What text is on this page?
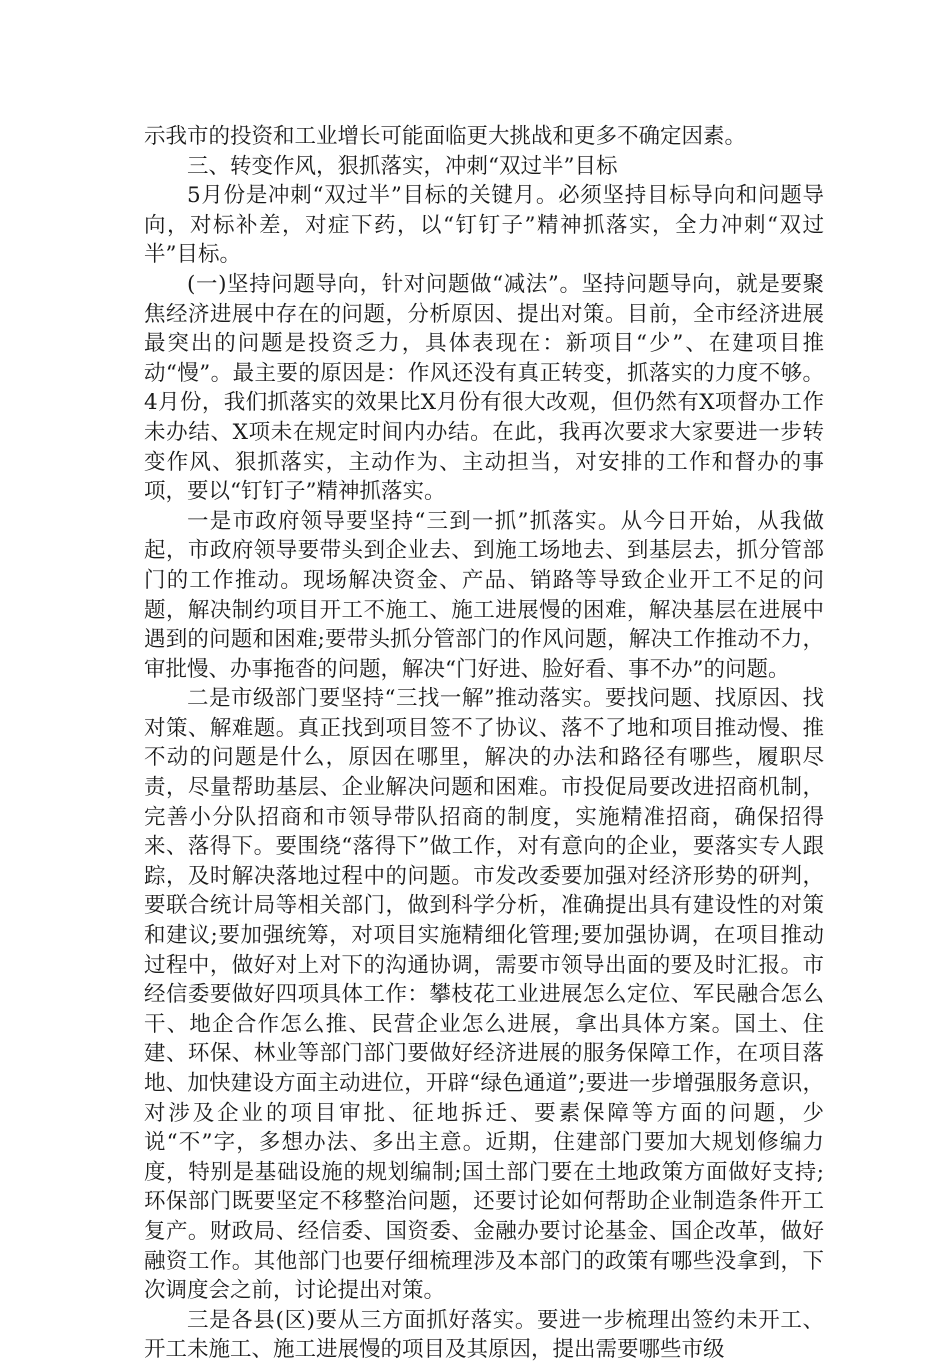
示我市的投资和工业增长可能面临更大挑战和更多不确定因素。

三、转变作风，狠抓落实，冲刺“双过半”目标

5月份是冲刺“双过半”目标的关键月。必须坚持目标导向和问题导向，对标补差，对症下药，以“钉钉子”精神抓落实，全力冲刺“双过半”目标。

(一)坚持问题导向，针对问题做“减法”。坚持问题导向，就是要聚焦经济进展中存在的问题，分析原因、提出对策。目前，全市经济进展最突出的问题是投资乏力，具体表现在：新项目“少”、在建项目推动“慢”。最主要的原因是：作风还没有真正转变，抓落实的力度不够。4月份，我们抓落实的效果比X月份有很大改观，但仍然有X项督办工作未办结、X项未在规定时间内办结。在此，我再次要求大家要进一步转变作风、狠抓落实，主动作为、主动担当，对安排的工作和督办的事项，要以“钉钉子”精神抓落实。

一是市政府领导要坚持“三到一抓”抓落实。从今日开始，从我做起，市政府领导要带头到企业去、到施工场地去、到基层去，抓分管部门的工作推动。现场解决资金、产品、销路等导致企业开工不足的问题，解决制约项目开工不施工、施工进展慢的困难，解决基层在进展中遇到的问题和困难;要带头抓分管部门的作风问题，解决工作推动不力，审批慢、办事拖沓的问题，解决“门好进、脸好看、事不办”的问题。

二是市级部门要坚持“三找一解”推动落实。要找问题、找原因、找对策、解难题。真正找到项目签不了协议、落不了地和项目推动慢、推不动的问题是什么，原因在哪里，解决的办法和路径有哪些，履职尽责，尽量帮助基层、企业解决问题和困难。市投促局要改进招商机制，完善小分队招商和市领导带队招商的制度，实施精准招商，确保招得来、落得下。要围绕“落得下”做工作，对有意向的企业，要落实专人跟踪，及时解决落地过程中的问题。市发改委要加强对经济形势的研判，要联合统计局等相关部门，做到科学分析，准确提出具有建设性的对策和建议;要加强统筹，对项目实施精细化管理;要加强协调，在项目推动过程中，做好对上对下的沟通协调，需要市领导出面的要及时汇报。市经信委要做好四项具体工作：攀枝花工业进展怎么定位、军民融合怎么干、地企合作怎么推、民营企业怎么进展，拿出具体方案。国土、住建、环保、林业等部门部门要做好经济进展的服务保障工作，在项目落地、加快建设方面主动进位，开辟“绿色通道”;要进一步增强服务意识，对涉及企业的项目审批、征地拆迁、要素保障等方面的问题，少说“不”字，多想办法、多出主意。近期，住建部门要加大规划修编力度，特别是基础设施的规划编制;国土部门要在土地政策方面做好支持;环保部门既要坚定不移整治问题，还要讨论如何帮助企业制造条件开工复产。财政局、经信委、国资委、金融办要讨论基金、国企改革，做好融资工作。其他部门也要仔细梳理涉及本部门的政策有哪些没拿到，下次调度会之前，讨论提出对策。

三是各县(区)要从三方面抓好落实。要进一步梳理出签约未开工、开工未施工、施工进展慢的项目及其原因，提出需要哪些市级
